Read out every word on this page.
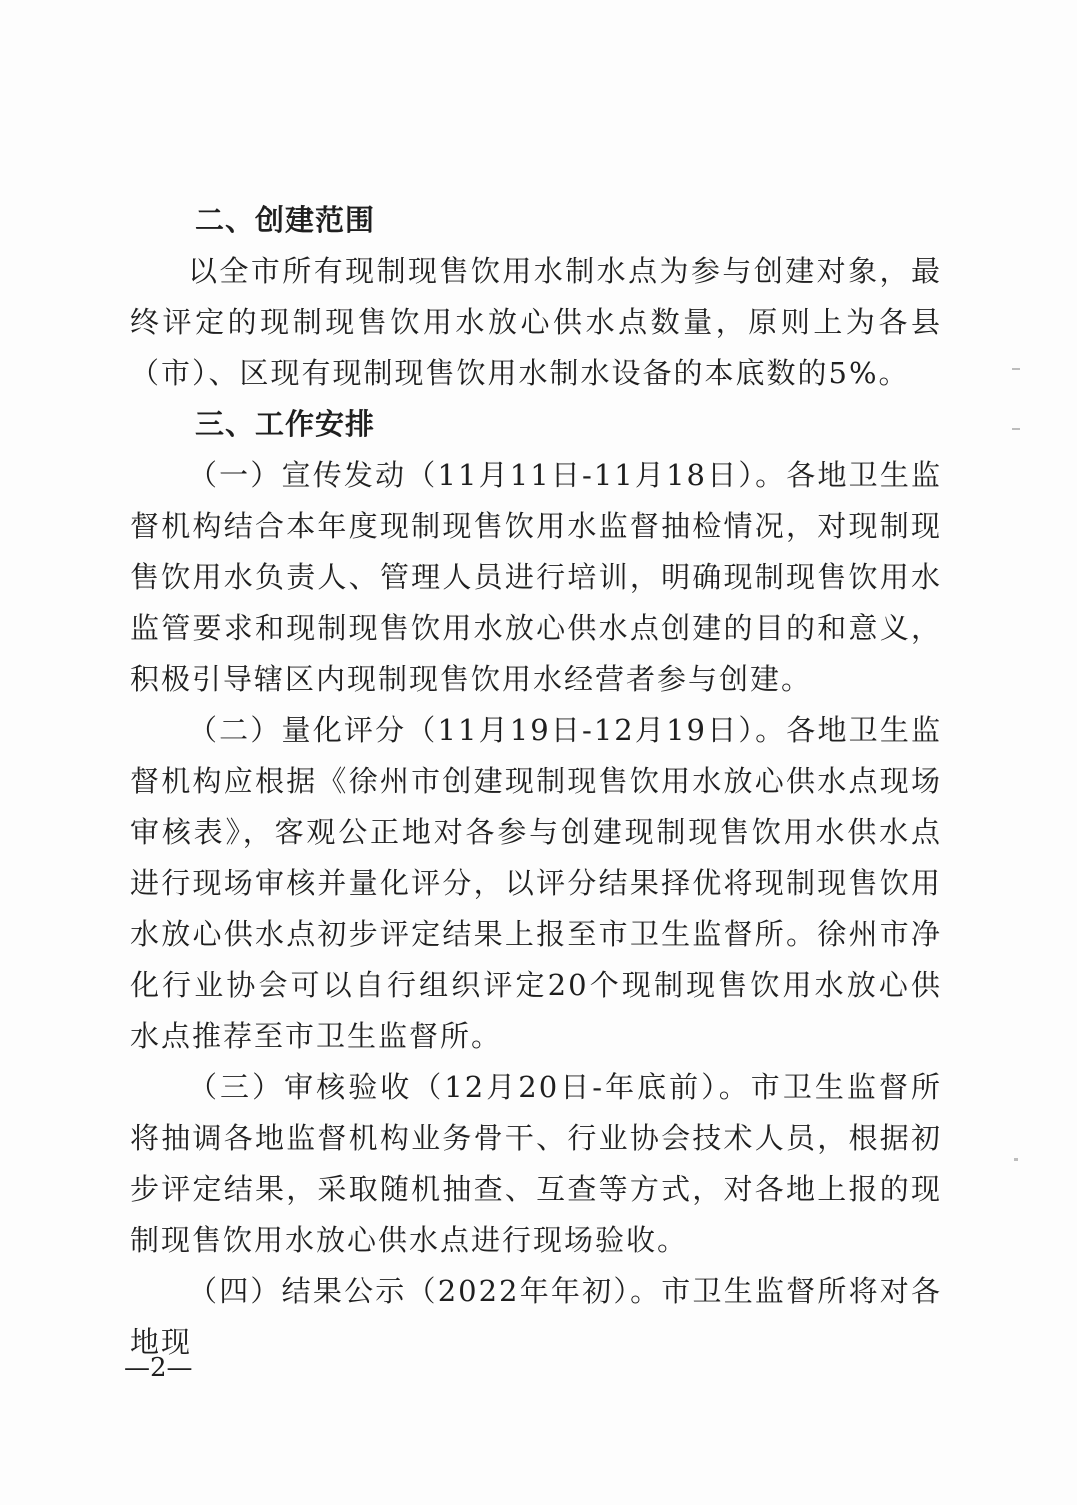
二、创建范围

以全市所有现制现售饮用水制水点为参与创建对象，最终评定的现制现售饮用水放心供水点数量，原则上为各县（市）、区现有现制现售饮用水制水设备的本底数的5%。

三、工作安排

（一）宣传发动（11月11日-11月18日）。各地卫生监督机构结合本年度现制现售饮用水监督抽检情况，对现制现售饮用水负责人、管理人员进行培训，明确现制现售饮用水监管要求和现制现售饮用水放心供水点创建的目的和意义，积极引导辖区内现制现售饮用水经营者参与创建。

（二）量化评分（11月19日-12月19日）。各地卫生监督机构应根据《徐州市创建现制现售饮用水放心供水点现场审核表》，客观公正地对各参与创建现制现售饮用水供水点进行现场审核并量化评分，以评分结果择优将现制现售饮用水放心供水点初步评定结果上报至市卫生监督所。徐州市净化行业协会可以自行组织评定20个现制现售饮用水放心供水点推荐至市卫生监督所。

（三）审核验收（12月20日-年底前）。市卫生监督所将抽调各地监督机构业务骨干、行业协会技术人员，根据初步评定结果，采取随机抽查、互查等方式，对各地上报的现制现售饮用水放心供水点进行现场验收。

（四）结果公示（2022年年初）。市卫生监督所将对各地现

—2—
